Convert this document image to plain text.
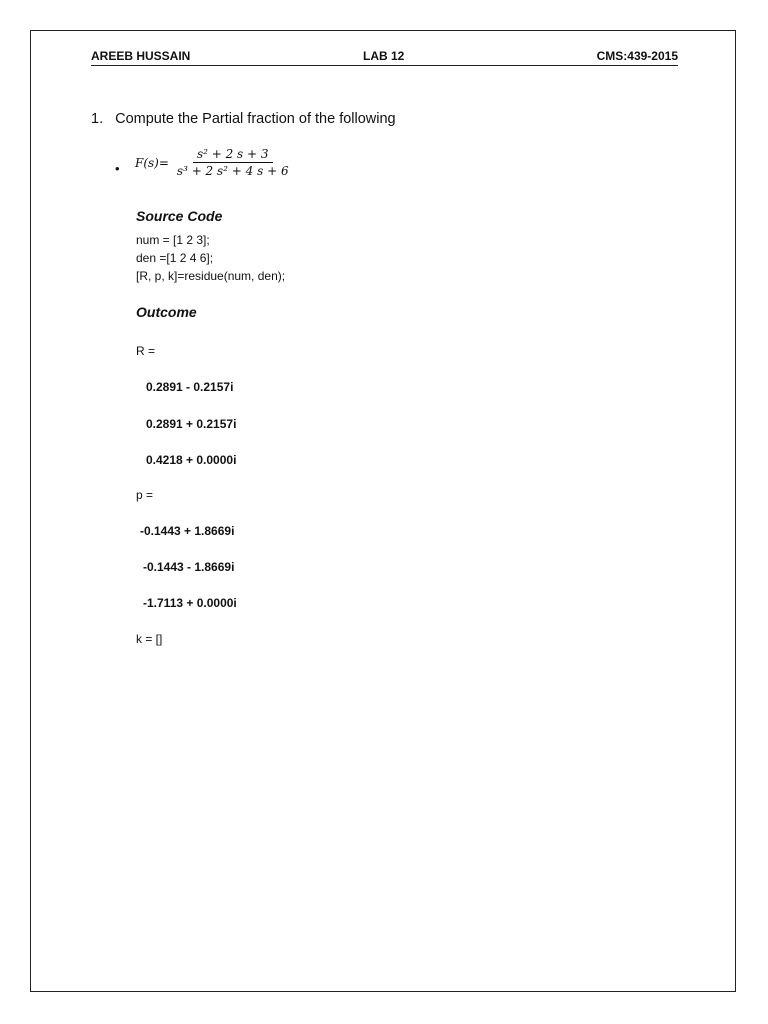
AREEB HUSSAIN	LAB 12	CMS:439-2015
1. Compute the Partial fraction of the following
• $F(s)= \frac{\text{s² + 2 s + 3}}{\text{s³ + 2 s² + 4 s + 6}}$
Source Code
num = [1 2 3];
den =[1 2 4 6];
[R, p, k]=residue(num, den);
Outcome
R =
0.2891 - 0.2157i
0.2891 + 0.2157i
0.4218 + 0.0000i
p =
-0.1443 + 1.8669i
-0.1443 - 1.8669i
-1.7113 + 0.0000i
k = []
